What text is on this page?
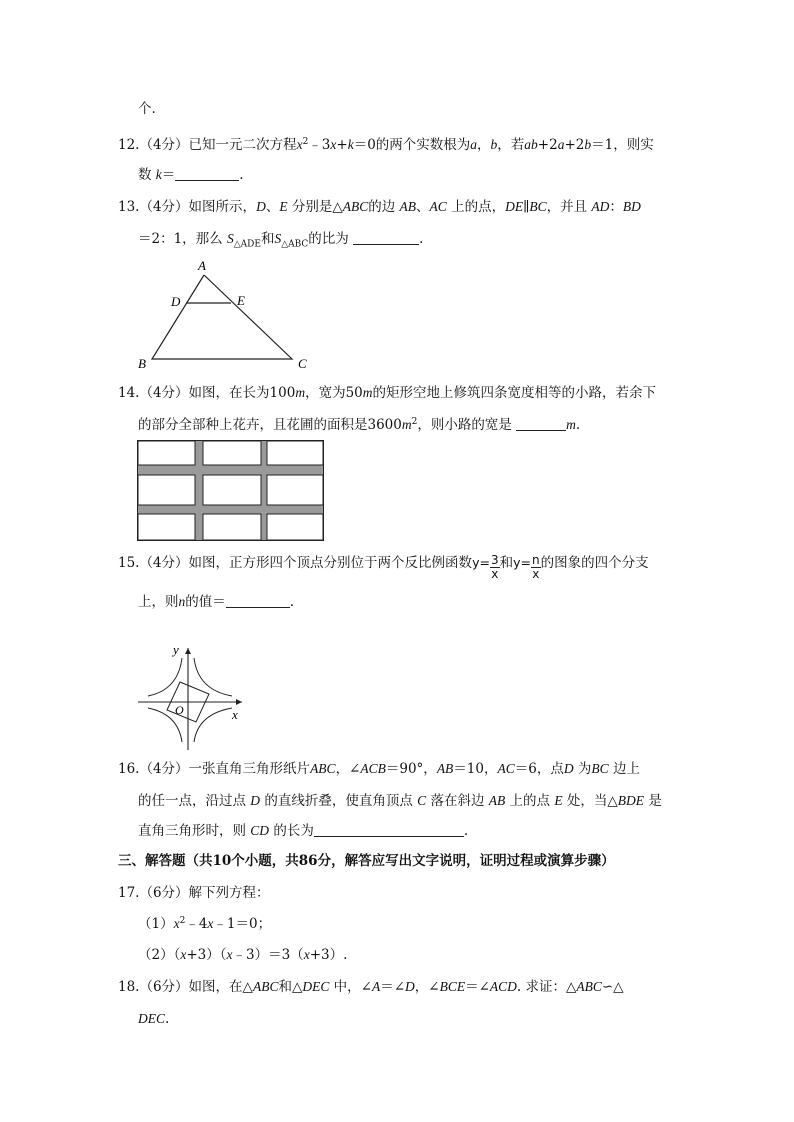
个.
12.（4分）已知一元二次方程$x^2﹣3x+k=0$的两个实数根为a，b，若ab+2a+2b＝1，则实
数 k＝	.
13.（4分）如图所示，D、E 分别是△ABC的边 AB、AC 上的点，DE∥BC，并且 AD：BD
＝2：1，那么 $S_{\triangle ADE}$和$S_{\triangle ABC}$的比为	.
A
D	E
B	C
14.（4分）如图，在长为100m，宽为50m的矩形空地上修筑四条宽度相等的小路，若余下
的部分全部种上花卉，且花圃的面积是$3600m^2$，则小路的宽是	m.
15.（4分）如图，正方形四个顶点分别位于两个反比例函数$y= \frac{3}{x}$ 和$y= \frac{n}{x}$ 的图象的四个分支
上，则n的值＝	.
y
x
O
16.（4分）一张直角三角形纸片ABC，∠ACB＝90°，AB＝10，AC＝6，点D 为BC 边上
的任一点，沿过点 D 的直线折叠，使直角顶点 C 落在斜边 AB 上的点 E 处，当△BDE 是
直角三角形时，则 CD 的长为	.
三、解答题（共10个小题，共86分，解答应写出文字说明，证明过程或演算步骤）
17.（6分）解下列方程：
$(1)x^2﹣4x﹣1=0$；
（2）（x+3）（x﹣3）＝3（x+3）.
18.（6分）如图，在△ABC和△DEC 中，∠A＝∠D，∠BCE＝∠ACD. 求证：△ABC∽△
DEC.
